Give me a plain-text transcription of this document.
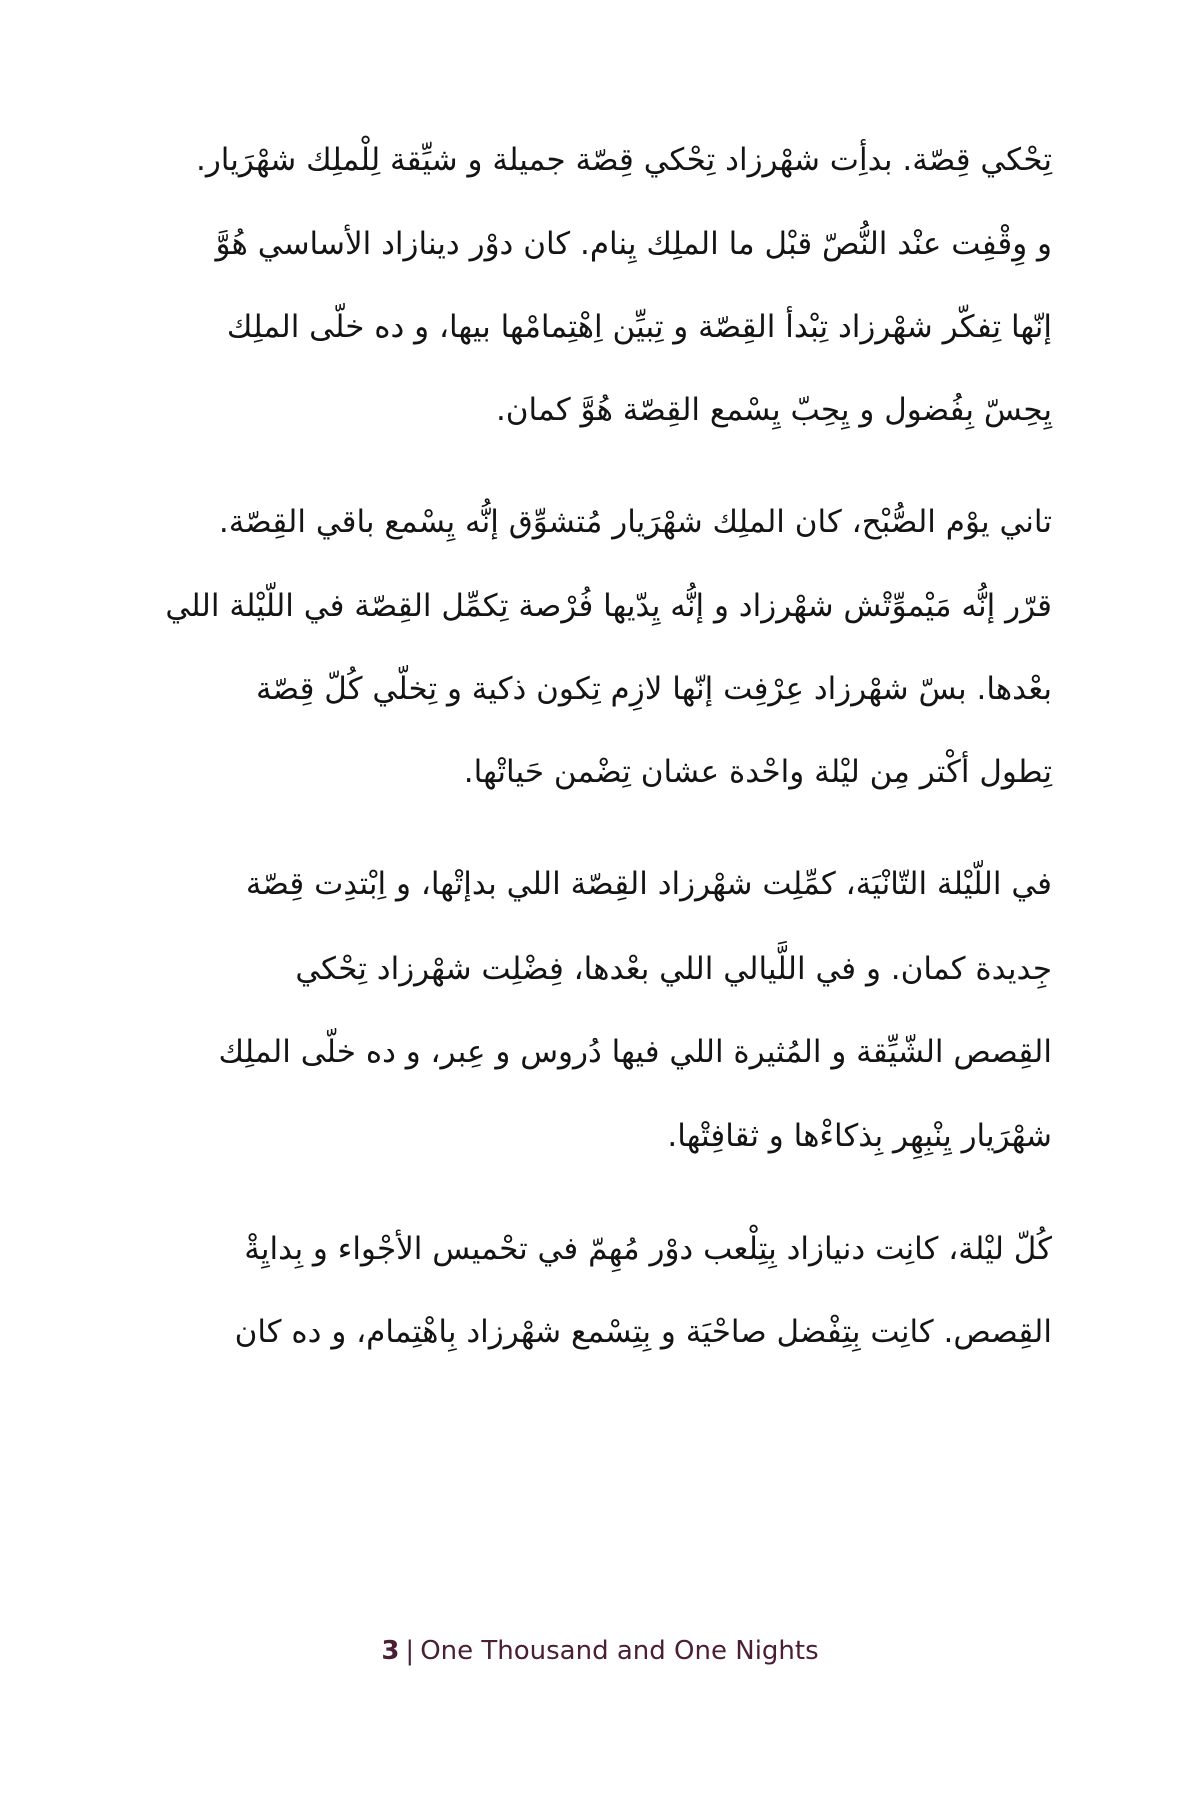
تحكي قصة. بدأت شهرزاد تحكي قصة جميلة و شيقة للملك شهريار.
و وقفت عند النص قبل ما الملك ينام. كان دور دينازاد الأساسي هو
إنها تفكر شهرزاد تبدأ القصة و تبين اهتمامها بيها، و ده خلى الملك
يحس بفضول و يحب يسمع القصة هو كمان.
تاني يوم الصبح، كان الملك شهريار متشوق إنه يسمع باقي القصة.
قرر إنه ميموتش شهرزاد و إنه يديها فرصة تكمل القصة في الليلة اللي
بعدها. بس شهرزاد عرفت إنها لازم تكون ذكية و تخلي كل قصة
تطول أكتر من ليلة واحدة عشان تضمن حياتها.
في الليلة التانية، كملت شهرزاد القصة اللي بدإتها، و ابتدت قصة
جديدة كمان. و في الليالي اللي بعدها، فضلت شهرزاد تحكي
القصص الشيقة و المثيرة اللي فيها دروس و عبر، و ده خلى الملك
شهريار ينبهر بذكاءها و ثقافتها.
كل ليلة، كانت دنيازاد بتلعب دور مهم في تحميس الأجواء و بداية
القصص. كانت بتفضل صاحية و بتسمع شهرزاد باهتمام، و ده كان
3 | One Thousand and One Nights
